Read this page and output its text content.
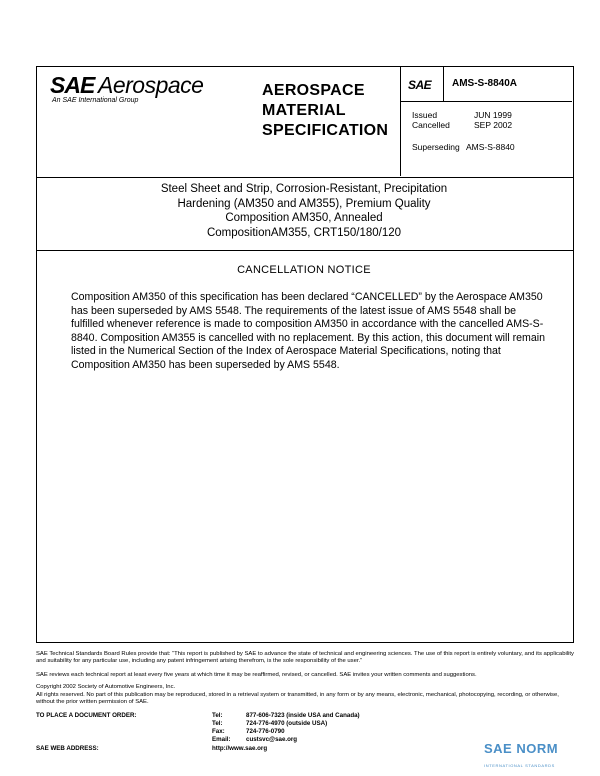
SAE Aerospace
An SAE International Group
AEROSPACE
MATERIAL
SPECIFICATION
SAE AMS-S-8840A
Issued	JUN 1999
Cancelled	SEP 2002
Superseding AMS-S-8840
Steel Sheet and Strip, Corrosion-Resistant, Precipitation
Hardening (AM350 and AM355), Premium Quality
Composition AM350, Annealed
CompositionAM355, CRT150/180/120
CANCELLATION NOTICE
Composition AM350 of this specification has been declared “CANCELLED” by the Aerospace AM350 has been superseded by AMS 5548. The requirements of the latest issue of AMS 5548 shall be fulfilled whenever reference is made to composition AM350 in accordance with the cancelled AMS-S-8840. Composition AM355 is cancelled with no replacement. By this action, this document will remain listed in the Numerical Section of the Index of Aerospace Material Specifications, noting that Composition AM350 has been superseded by AMS 5548.
SAE Technical Standards Board Rules provide that: “This report is published by SAE to advance the state of technical and engineering sciences. The use of this report is entirely voluntary, and its applicability and suitability for any particular use, including any patent infringement arising therefrom, is the sole responsibility of the user.”
SAE reviews each technical report at least every five years at which time it may be reaffirmed, revised, or cancelled. SAE invites your written comments and suggestions.
Copyright 2002 Society of Automotive Engineers, Inc.
All rights reserved. No part of this publication may be reproduced, stored in a retrieval system or transmitted, in any form or by any means, electronic, mechanical, photocopying, recording, or otherwise, without the prior written permission of SAE.
TO PLACE A DOCUMENT ORDER:	Tel:	877-606-7323 (inside USA and Canada)
Tel:	724-776-4970 (outside USA)
Fax:	724-776-0790
Email: custsvc@sae.org
SAE WEB ADDRESS:	http://www.sae.org	SAE NORM
INTERNATIONAL STANDARDS
